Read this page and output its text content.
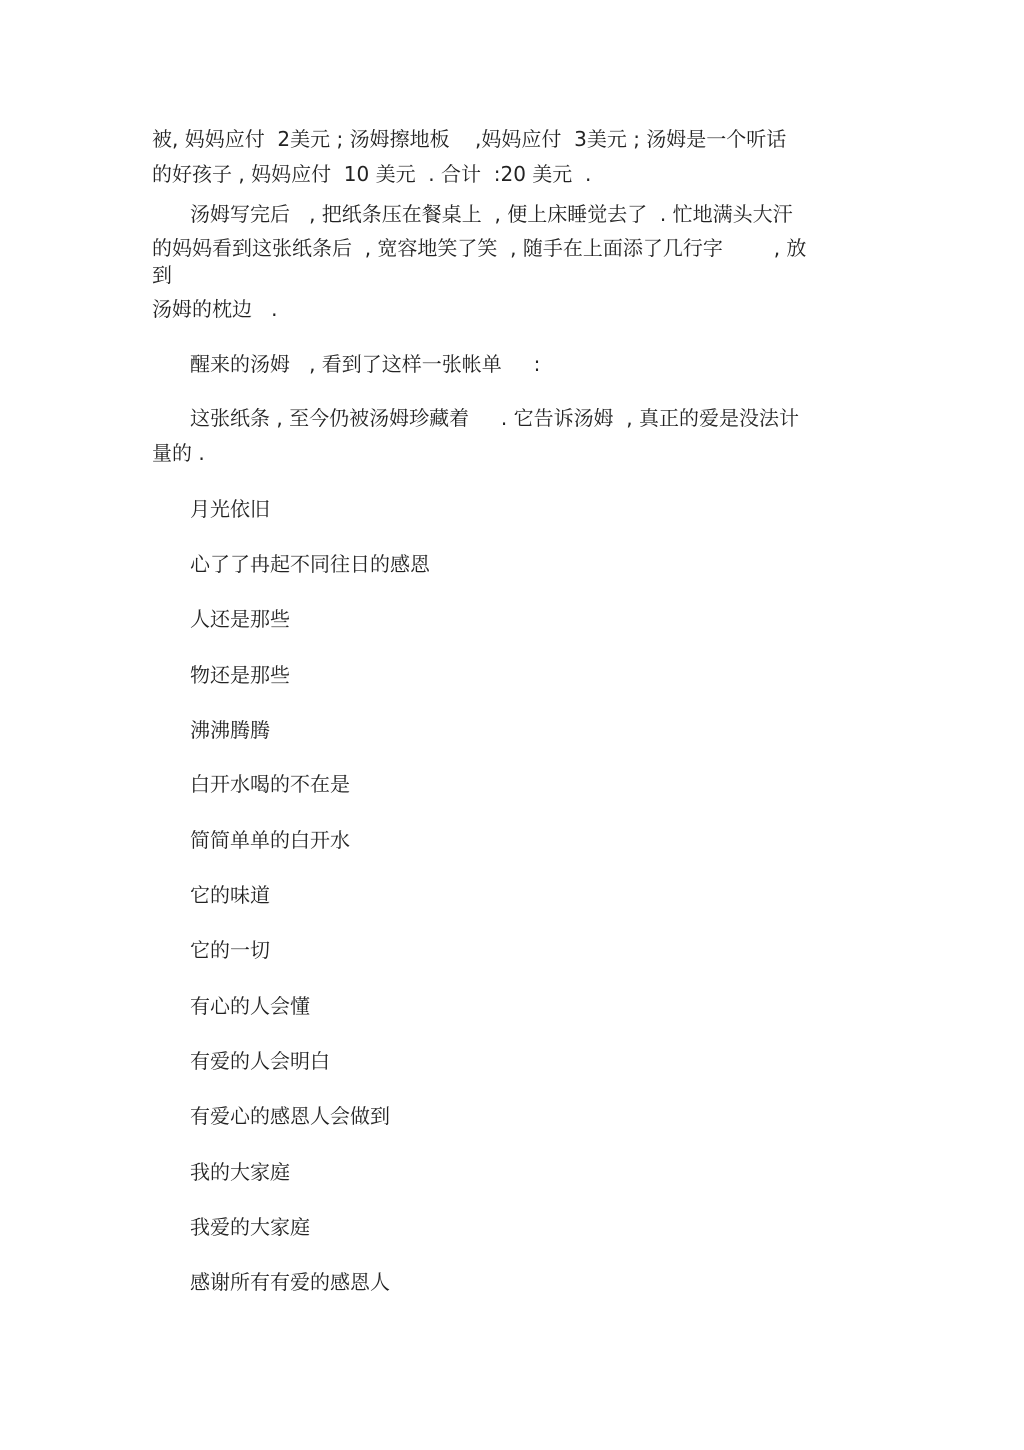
被, 妈妈应付  2美元 ; 汤姆擦地板    ,妈妈应付  3美元 ; 汤姆是一个听话
的好孩子 , 妈妈应付  10 美元  . 合计  :20 美元  .
汤姆写完后   , 把纸条压在餐桌上  , 便上床睡觉去了  . 忙地满头大汗
的妈妈看到这张纸条后  , 宽容地笑了笑  , 随手在上面添了几行字        , 放
到
汤姆的枕边   .
醒来的汤姆   , 看到了这样一张帐单     :
这张纸条 , 至今仍被汤姆珍藏着     . 它告诉汤姆  , 真正的爱是没法计
量的 .
月光依旧
心了了冉起不同往日的感恩
人还是那些
物还是那些
沸沸腾腾
白开水喝的不在是
简简单单的白开水
它的味道
它的一切
有心的人会懂
有爱的人会明白
有爱心的感恩人会做到
我的大家庭
我爱的大家庭
感谢所有有爱的感恩人
